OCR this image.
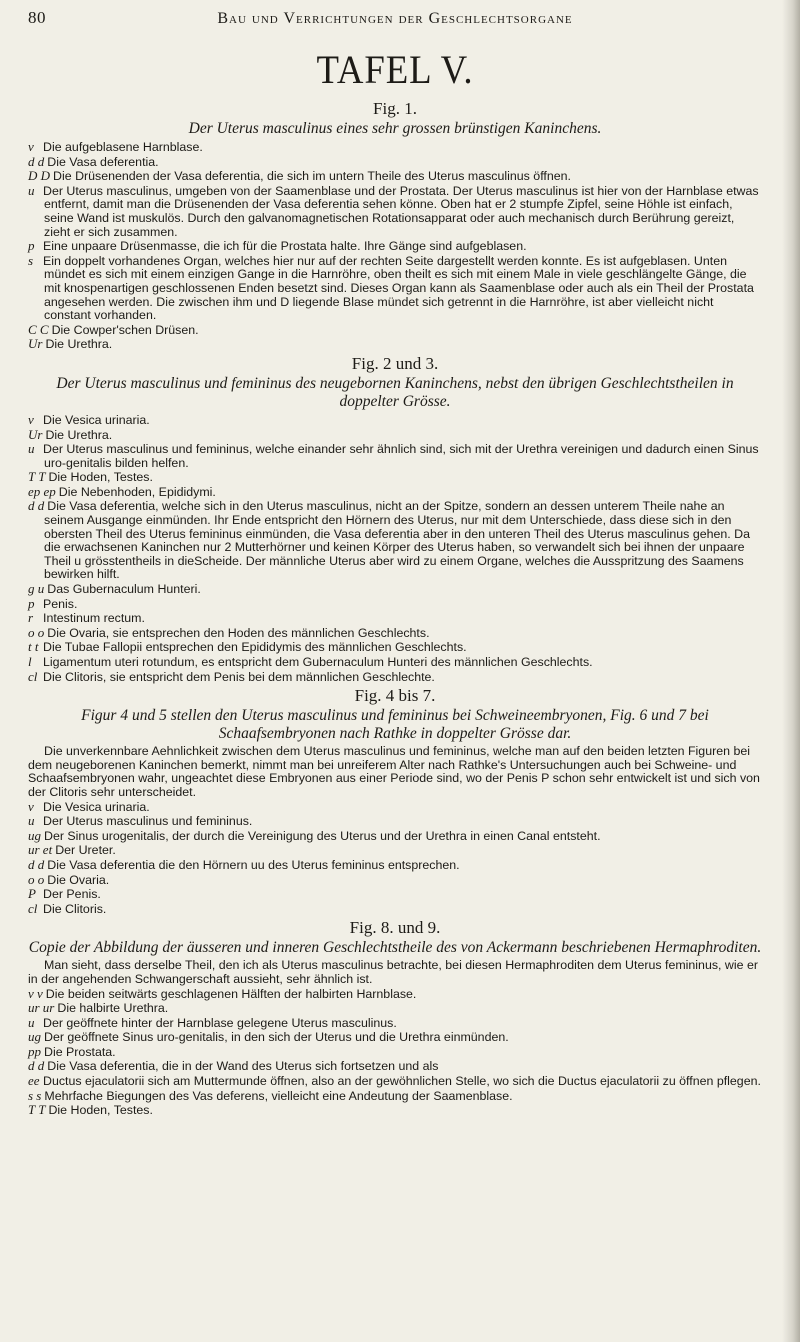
80	Bau und Verrichtungen der Geschlechtsorgane
TAFEL V.
Fig. 1.
Der Uterus masculinus eines sehr grossen brünstigen Kaninchens.
v Die aufgeblasene Harnblase.
d d Die Vasa deferentia.
D D Die Drüsenenden der Vasa deferentia, die sich im untern Theile des Uterus masculinus öffnen.
u Der Uterus masculinus, umgeben von der Saamenblase und der Prostata. Der Uterus masculinus ist hier von der Harnblase etwas entfernt, damit man die Drüsenenden der Vasa deferentia sehen könne. Oben hat er 2 stumpfe Zipfel, seine Höhle ist einfach, seine Wand ist muskulös. Durch den galvanomagnetischen Rotationsapparat oder auch mechanisch durch Berührung gereizt, zieht er sich zusammen.
p Eine unpaare Drüsenmasse, die ich für die Prostata halte. Ihre Gänge sind aufgeblasen.
s Ein doppelt vorhandenes Organ, welches hier nur auf der rechten Seite dargestellt werden konnte. Es ist aufgeblasen. Unten mündet es sich mit einem einzigen Gange in die Harnröhre, oben theilt es sich mit einem Male in viele geschlängelte Gänge, die mit knospenartigen geschlossenen Enden besetzt sind. Dieses Organ kann als Saamenblase oder auch als ein Theil der Prostata angesehen werden. Die zwischen ihm und D liegende Blase mündet sich getrennt in die Harnröhre, ist aber vielleicht nicht constant vorhanden.
C C Die Cowper'schen Drüsen.
Ur Die Urethra.
Fig. 2 und 3.
Der Uterus masculinus und femininus des neugebornen Kaninchens, nebst den übrigen Geschlechtstheilen in doppelter Grösse.
v Die Vesica urinaria.
Ur Die Urethra.
u Der Uterus masculinus und femininus, welche einander sehr ähnlich sind, sich mit der Urethra vereinigen und dadurch einen Sinus uro-genitalis bilden helfen.
T T Die Hoden, Testes.
ep ep Die Nebenhoden, Epididymi.
d d Die Vasa deferentia, welche sich in den Uterus masculinus, nicht an der Spitze, sondern an dessen unterem Theile nahe an seinem Ausgange einmünden. Ihr Ende entspricht den Hörnern des Uterus, nur mit dem Unterschiede, dass diese sich in den obersten Theil des Uterus femininus einmünden, die Vasa deferentia aber in den unteren Theil des Uterus masculinus gehen. Da die erwachsenen Kaninchen nur 2 Mutterhörner und keinen Körper des Uterus haben, so verwandelt sich bei ihnen der unpaare Theil u grösstentheils in dieScheide. Der männliche Uterus aber wird zu einem Organe, welches die Ausspritzung des Saamens bewirken hilft.
g u Das Gubernaculum Hunteri.
p Penis.
r Intestinum rectum.
o o Die Ovaria, sie entsprechen den Hoden des männlichen Geschlechts.
t t Die Tubae Fallopii entsprechen den Epididymis des männlichen Geschlechts.
l Ligamentum uteri rotundum, es entspricht dem Gubernaculum Hunteri des männlichen Geschlechts.
cl Die Clitoris, sie entspricht dem Penis bei dem männlichen Geschlechte.
Fig. 4 bis 7.
Figur 4 und 5 stellen den Uterus masculinus und femininus bei Schweineembryonen, Fig. 6 und 7 bei Schaafsembryonen nach Rathke in doppelter Grösse dar.

Die unverkennbare Aehnlichkeit zwischen dem Uterus masculinus und femininus, welche man auf den beiden letzten Figuren bei dem neugeborenen Kaninchen bemerkt, nimmt man bei unreiferem Alter nach Rathke's Untersuchungen auch bei Schweine- und Schaafsembryonen wahr, ungeachtet diese Embryonen aus einer Periode sind, wo der Penis P schon sehr entwickelt ist und sich von der Clitoris sehr unterscheidet.

v Die Vesica urinaria.
u Der Uterus masculinus und femininus.
ug Der Sinus urogenitalis, der durch die Vereinigung des Uterus und der Urethra in einen Canal entsteht.
ur et Der Ureter.
d d Die Vasa deferentia die den Hörnern uu des Uterus femininus entsprechen.
o o Die Ovaria.
P Der Penis.
cl Die Clitoris.
Fig. 8. und 9.
Copie der Abbildung der äusseren und inneren Geschlechtstheile des von Ackermann beschriebenen Hermaphroditen.

Man sieht, dass derselbe Theil, den ich als Uterus masculinus betrachte, bei diesen Hermaphroditen dem Uterus femininus, wie er in der angehenden Schwangerschaft aussieht, sehr ähnlich ist.

v v Die beiden seitwärts geschlagenen Hälften der halbirten Harnblase.
ur ur Die halbirte Urethra.
u Der geöffnete hinter der Harnblase gelegene Uterus masculinus.
ug Der geöffnete Sinus uro-genitalis, in den sich der Uterus und die Urethra einmünden.
pp Die Prostata.
d d Die Vasa deferentia, die in der Wand des Uterus sich fortsetzen und als
ee Ductus ejaculatorii sich am Muttermunde öffnen, also an der gewöhnlichen Stelle, wo sich die Ductus ejaculatorii zu öffnen pflegen.
s s Mehrfache Biegungen des Vas deferens, vielleicht eine Andeutung der Saamenblase.
T T Die Hoden, Testes.
